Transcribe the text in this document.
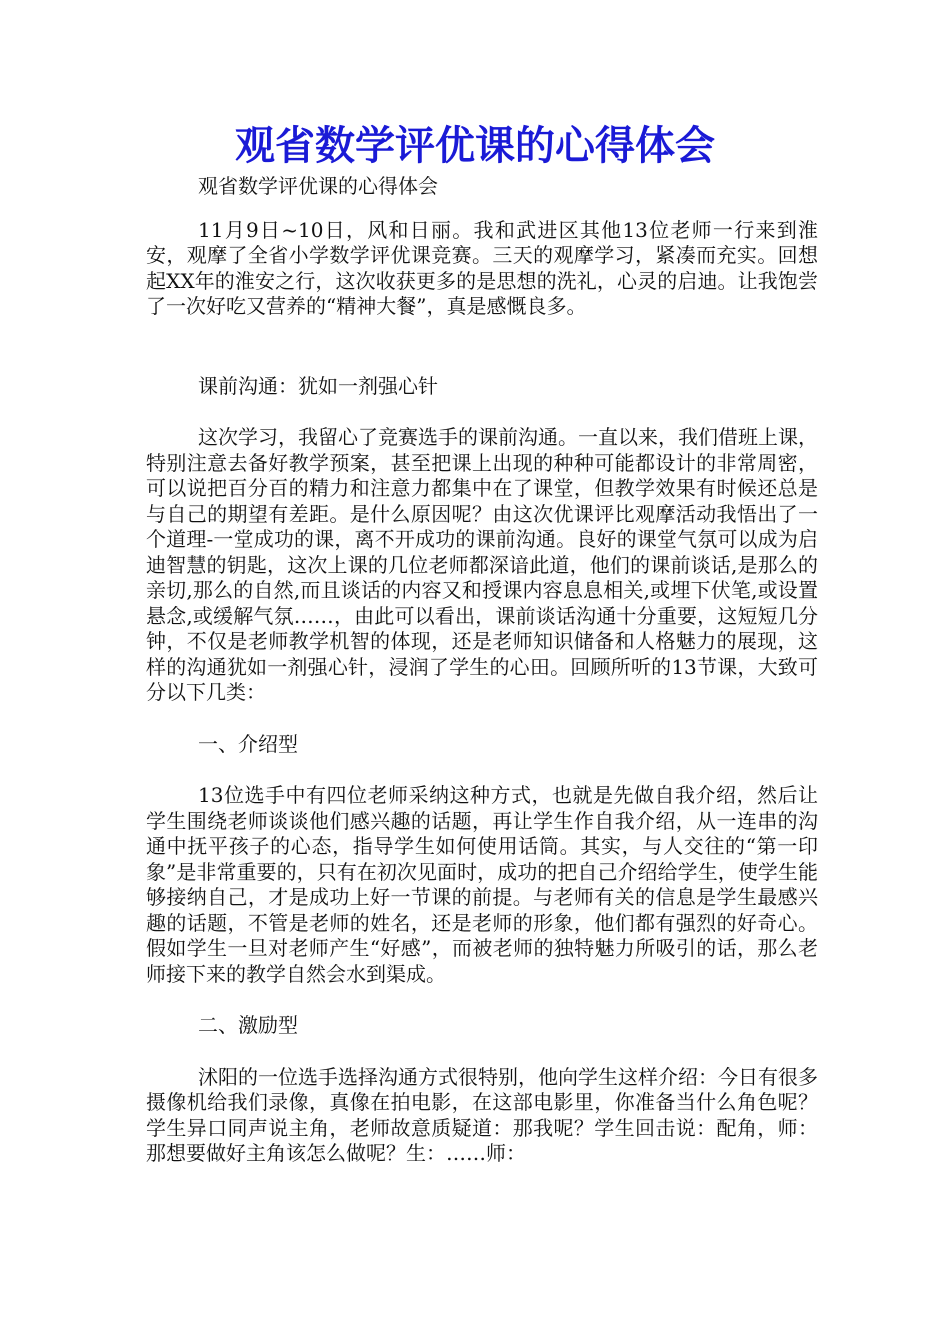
观省数学评优课的心得体会

观省数学评优课的心得体会

11月9日~10日，风和日丽。我和武进区其他13位老师一行来到淮安，观摩了全省小学数学评优课竞赛。三天的观摩学习，紧凑而充实。回想起XX年的淮安之行，这次收获更多的是思想的洗礼，心灵的启迪。让我饱尝了一次好吃又营养的“精神大餐”，真是感慨良多。

课前沟通：犹如一剂强心针

这次学习，我留心了竞赛选手的课前沟通。一直以来，我们借班上课，特别注意去备好教学预案，甚至把课上出现的种种可能都设计的非常周密，可以说把百分百的精力和注意力都集中在了课堂，但教学效果有时候还总是与自己的期望有差距。是什么原因呢？由这次优课评比观摩活动我悟出了一个道理-一堂成功的课，离不开成功的课前沟通。良好的课堂气氛可以成为启迪智慧的钥匙，这次上课的几位老师都深谙此道，他们的课前谈话,是那么的亲切,那么的自然,而且谈话的内容又和授课内容息息相关,或埋下伏笔,或设置悬念,或缓解气氛……，由此可以看出，课前谈话沟通十分重要，这短短几分钟，不仅是老师教学机智的体现，还是老师知识储备和人格魅力的展现，这样的沟通犹如一剂强心针，浸润了学生的心田。回顾所听的13节课，大致可分以下几类：

一、介绍型

13位选手中有四位老师采纳这种方式，也就是先做自我介绍，然后让学生围绕老师谈谈他们感兴趣的话题，再让学生作自我介绍，从一连串的沟通中抚平孩子的心态，指导学生如何使用话筒。其实，与人交往的“第一印象”是非常重要的，只有在初次见面时，成功的把自己介绍给学生，使学生能够接纳自己，才是成功上好一节课的前提。与老师有关的信息是学生最感兴趣的话题，不管是老师的姓名，还是老师的形象，他们都有强烈的好奇心。假如学生一旦对老师产生“好感”，而被老师的独特魅力所吸引的话，那么老师接下来的教学自然会水到渠成。

二、激励型

沭阳的一位选手选择沟通方式很特别，他向学生这样介绍：今日有很多摄像机给我们录像，真像在拍电影，在这部电影里，你准备当什么角色呢？学生异口同声说主角，老师故意质疑道：那我呢？学生回击说：配角，师：那想要做好主角该怎么做呢？生：……师：
